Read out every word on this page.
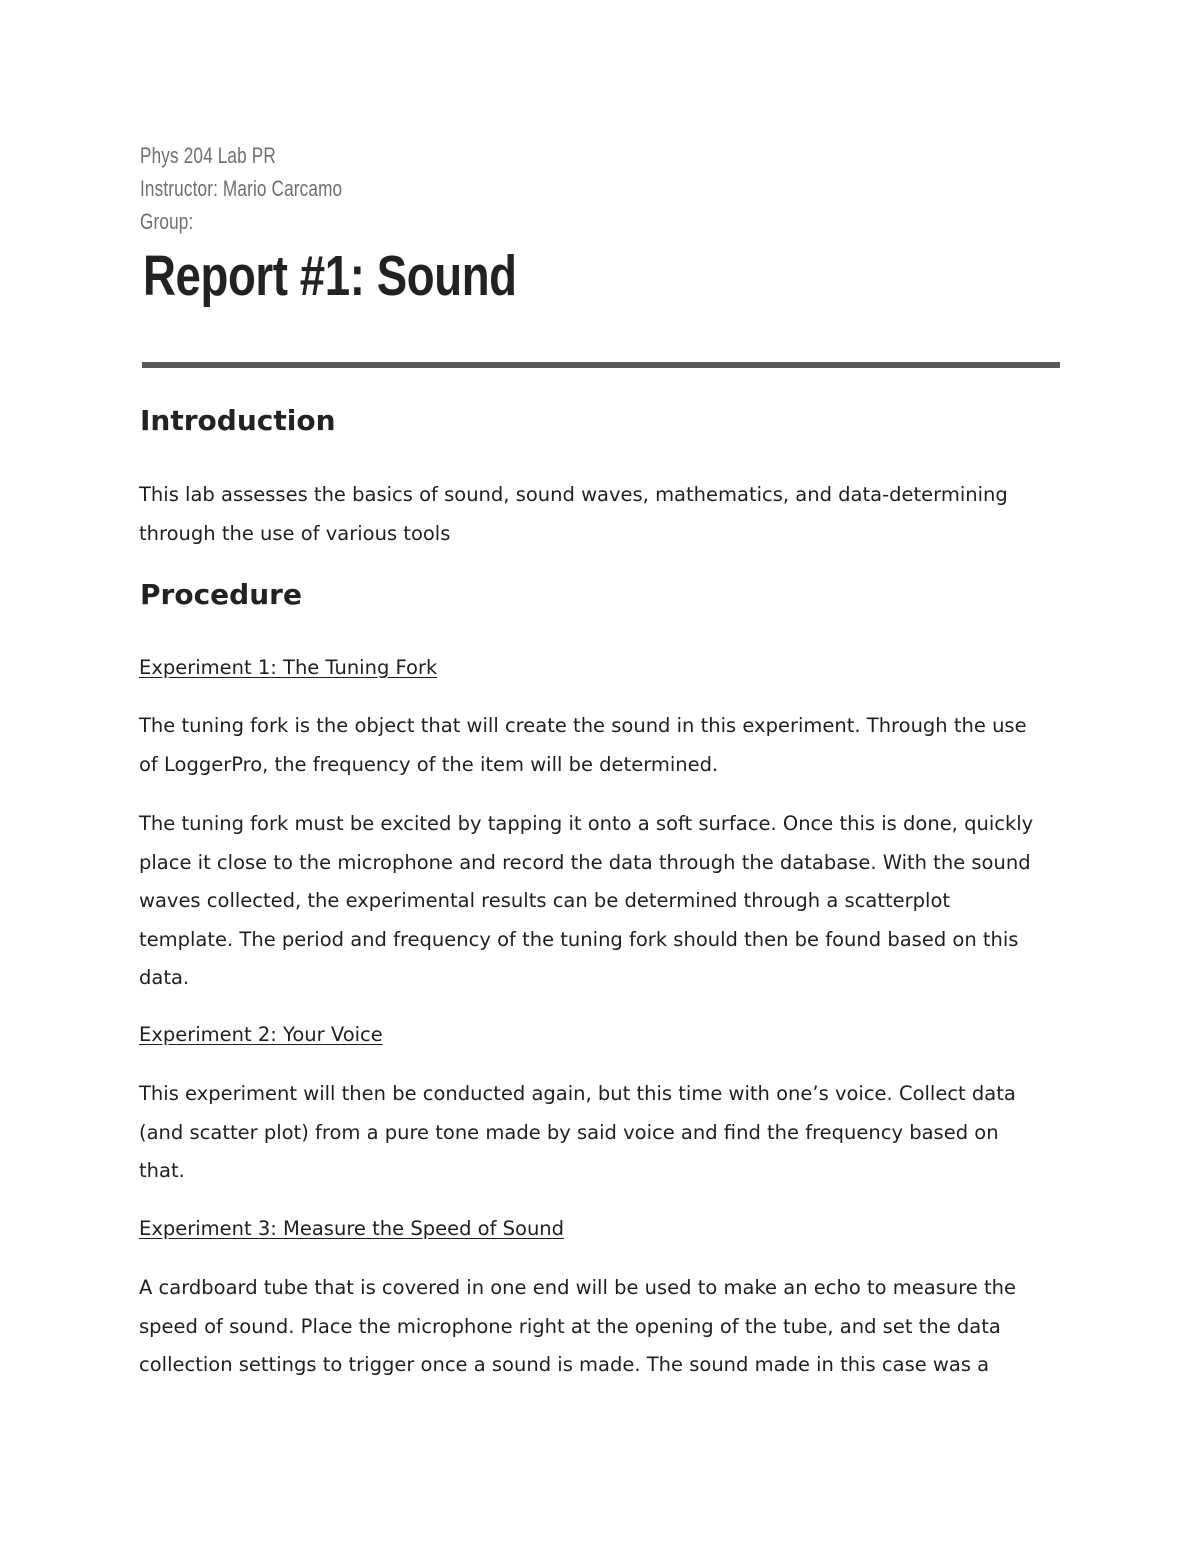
Phys 204 Lab PR
Instructor: Mario Carcamo
Group:
Report #1: Sound
Introduction
This lab assesses the basics of sound, sound waves, mathematics, and data-determining
through the use of various tools
Procedure
Experiment 1: The Tuning Fork
The tuning fork is the object that will create the sound in this experiment. Through the use
of LoggerPro, the frequency of the item will be determined.
The tuning fork must be excited by tapping it onto a soft surface. Once this is done, quickly
place it close to the microphone and record the data through the database. With the sound
waves collected, the experimental results can be determined through a scatterplot
template. The period and frequency of the tuning fork should then be found based on this
data.
Experiment 2: Your Voice
This experiment will then be conducted again, but this time with one’s voice. Collect data
(and scatter plot) from a pure tone made by said voice and find the frequency based on
that.
Experiment 3: Measure the Speed of Sound
A cardboard tube that is covered in one end will be used to make an echo to measure the
speed of sound. Place the microphone right at the opening of the tube, and set the data
collection settings to trigger once a sound is made. The sound made in this case was a
